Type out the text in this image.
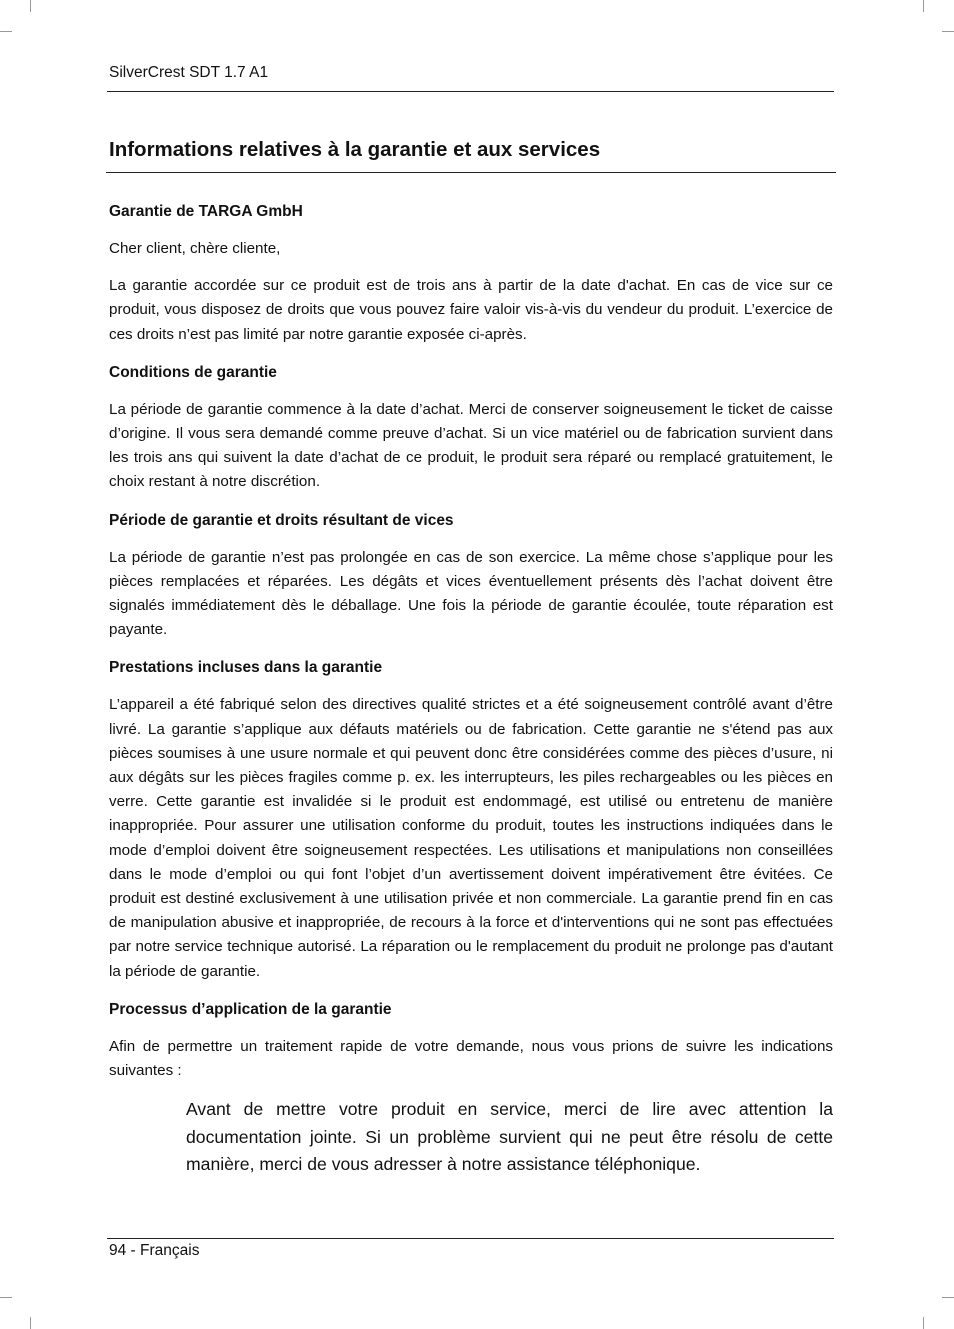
SilverCrest SDT 1.7 A1
Informations relatives à la garantie et aux services
Garantie de TARGA GmbH

Cher client, chère cliente,

La garantie accordée sur ce produit est de trois ans à partir de la date d'achat. En cas de vice sur ce produit, vous disposez de droits que vous pouvez faire valoir vis-à-vis du vendeur du produit. L’exercice de ces droits n’est pas limité par notre garantie exposée ci-après.

Conditions de garantie

La période de garantie commence à la date d’achat. Merci de conserver soigneusement le ticket de caisse d’origine. Il vous sera demandé comme preuve d’achat. Si un vice matériel ou de fabrication survient dans les trois ans qui suivent la date d’achat de ce produit, le produit sera réparé ou remplacé gratuitement, le choix restant à notre discrétion.

Période de garantie et droits résultant de vices

La période de garantie n’est pas prolongée en cas de son exercice. La même chose s’applique pour les pièces remplacées et réparées. Les dégâts et vices éventuellement présents dès l’achat doivent être signalés immédiatement dès le déballage. Une fois la période de garantie écoulée, toute réparation est payante.

Prestations incluses dans la garantie

L’appareil a été fabriqué selon des directives qualité strictes et a été soigneusement contrôlé avant d’être livré. La garantie s’applique aux défauts matériels ou de fabrication. Cette garantie ne s'étend pas aux pièces soumises à une usure normale et qui peuvent donc être considérées comme des pièces d’usure, ni aux dégâts sur les pièces fragiles comme p. ex. les interrupteurs, les piles rechargeables ou les pièces en verre. Cette garantie est invalidée si le produit est endommagé, est utilisé ou entretenu de manière inappropriée. Pour assurer une utilisation conforme du produit, toutes les instructions indiquées dans le mode d’emploi doivent être soigneusement respectées. Les utilisations et manipulations non conseillées dans le mode d’emploi ou qui font l’objet d’un avertissement doivent impérativement être évitées. Ce produit est destiné exclusivement à une utilisation privée et non commerciale. La garantie prend fin en cas de manipulation abusive et inappropriée, de recours à la force et d'interventions qui ne sont pas effectuées par notre service technique autorisé. La réparation ou le remplacement du produit ne prolonge pas d'autant la période de garantie.

Processus d’application de la garantie

Afin de permettre un traitement rapide de votre demande, nous vous prions de suivre les indications suivantes :

Avant de mettre votre produit en service, merci de lire avec attention la documentation jointe. Si un problème survient qui ne peut être résolu de cette manière, merci de vous adresser à notre assistance téléphonique.

94 - Français
